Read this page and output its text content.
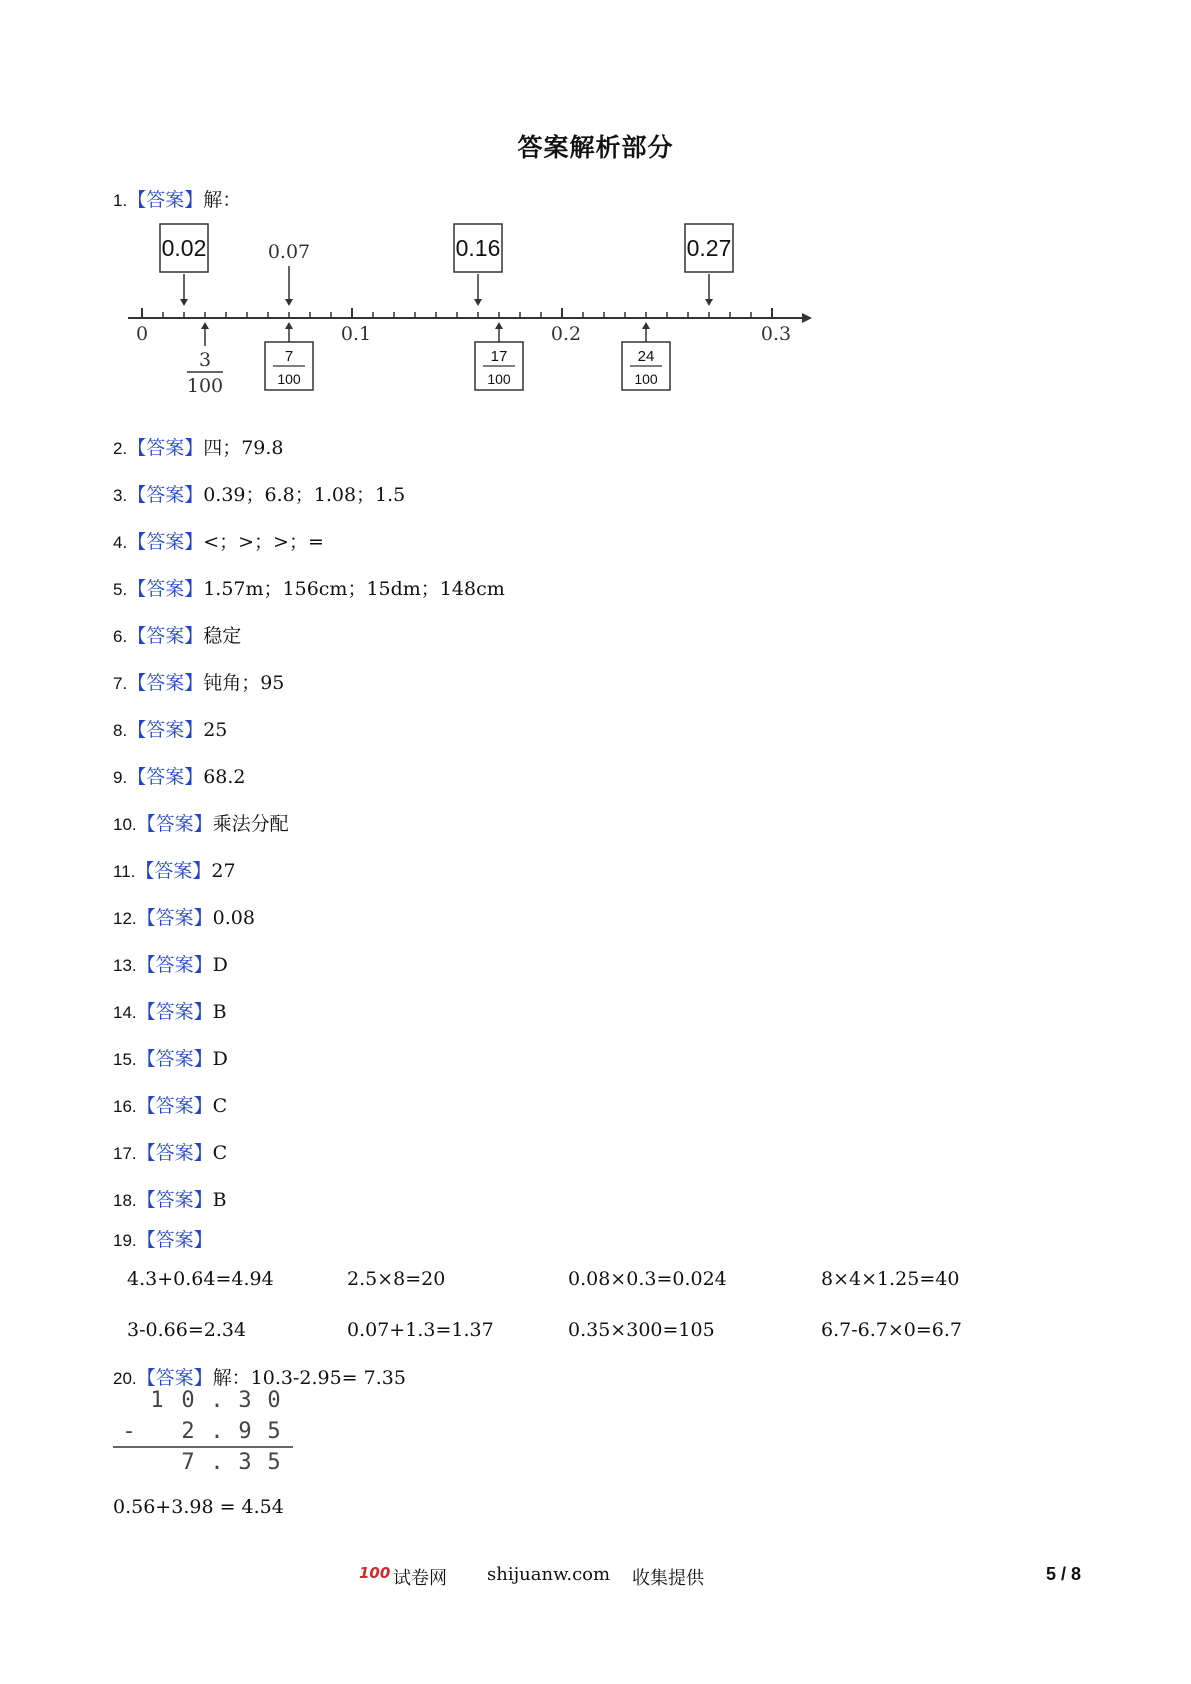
答案解析部分
1.【答案】解：
0	0.1	0.2	0.3
0.02	0.16	0.27
0.07
3
100
7
100
17
100
24
100
2.【答案】四；79.8
3.【答案】0.39；6.8；1.08；1.5
4.【答案】<；>；>；=
5.【答案】1.57m；156cm；15dm；148cm
6.【答案】稳定
7.【答案】钝角；95
8.【答案】25
9.【答案】68.2
10.【答案】乘法分配
11.【答案】27
12.【答案】0.08
13.【答案】D
14.【答案】B
15.【答案】D
16.【答案】C
17.【答案】C
18.【答案】B
19.【答案】
20.【答案】解：10.3-2.95= 7.35
4.3+0.64=4.94	2.5×8=20	0.08×0.3=0.024	8×4×1.25=40
3-0.66=2.34	0.07+1.3=1.37	0.35×300=105	6.7-6.7×0=6.7
1 0 . 3 0
- 2 . 9 5
7 . 3 5
0.56+3.98 = 4.54
100 试卷网 shijuanw.com 收集提供	5 / 8
